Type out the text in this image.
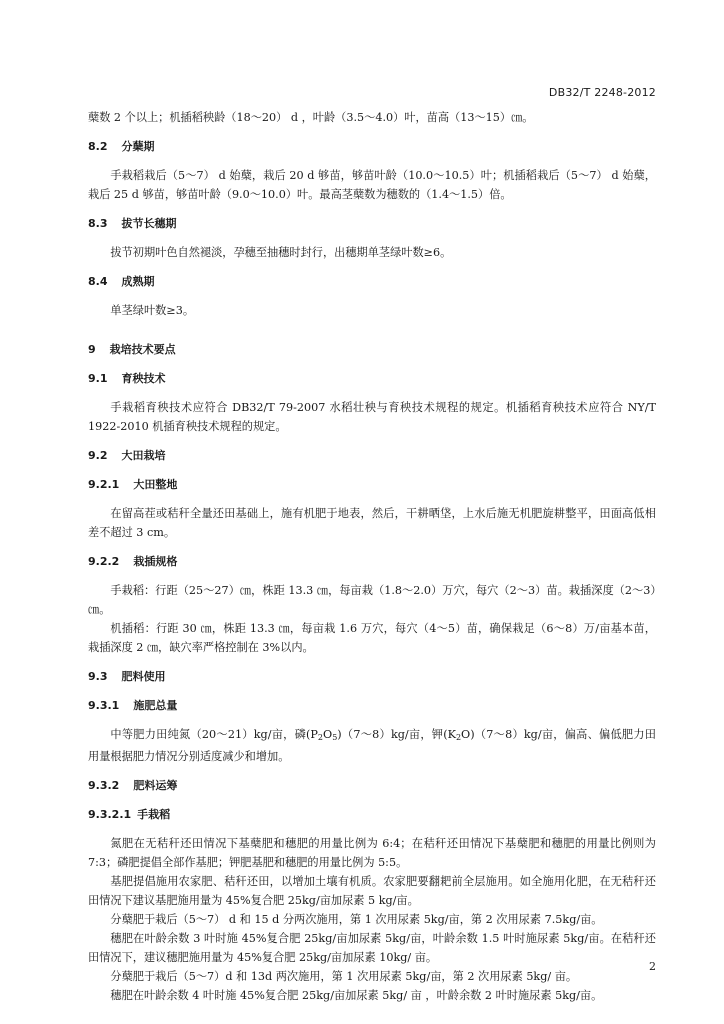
DB32/T 2248-2012

蘖数 2 个以上；机插稻秧龄（18～20） d ，叶龄（3.5～4.0）叶，苗高（13～15）㎝。

8.2 分蘖期

手栽稻栽后（5～7） d 始蘖，栽后 20 d 够苗，够苗叶龄（10.0～10.5）叶；机插稻栽后（5～7） d 始蘖，栽后 25 d 够苗，够苗叶龄（9.0～10.0）叶。最高茎蘖数为穗数的（1.4～1.5）倍。

8.3 拔节长穗期

拔节初期叶色自然褪淡，孕穗至抽穗时封行，出穗期单茎绿叶数≥6。

8.4 成熟期

单茎绿叶数≥3。

9 栽培技术要点
9.1 育秧技术

手栽稻育秧技术应符合 DB32/T 79-2007 水稻壮秧与育秧技术规程的规定。机插稻育秧技术应符合 NY/T 1922-2010 机插育秧技术规程的规定。

9.2 大田栽培
9.2.1 大田整地

在留高茬或秸秆全量还田基础上，施有机肥于地表，然后，干耕晒垡，上水后施无机肥旋耕整平，田面高低相差不超过 3 cm。

9.2.2 栽插规格

手栽稻：行距（25～27）㎝，株距 13.3 ㎝，每亩栽（1.8～2.0）万穴，每穴（2～3）苗。栽插深度（2～3）㎝。

机插稻：行距 30 ㎝，株距 13.3 ㎝，每亩栽 1.6 万穴，每穴（4～5）苗，确保栽足（6～8）万/亩基本苗，栽插深度 2 ㎝，缺穴率严格控制在 3%以内。

9.3 肥料使用
9.3.1 施肥总量

中等肥力田纯氮（20～21）kg/亩，磷$(P_2O_5)(7\sim 8)kg/$亩，钾$(K_2O)(7\sim 8)kg/$亩，偏高、偏低肥力田用量根据肥力情况分别适度减少和增加。

9.3.2 肥料运筹
9.3.2.1 手栽稻

氮肥在无秸秆还田情况下基蘖肥和穗肥的用量比例为 6:4；在秸秆还田情况下基蘖肥和穗肥的用量比例则为 7:3；磷肥提倡全部作基肥；钾肥基肥和穗肥的用量比例为 5:5。

基肥提倡施用农家肥、秸秆还田，以增加土壤有机质。农家肥要翻耙前全层施用。如全施用化肥，在无秸秆还田情况下建议基肥施用量为 45%复合肥 25kg/亩加尿素 5 kg/亩。

分蘖肥于栽后（5～7） d 和 15 d 分两次施用，第 1 次用尿素 5kg/亩，第 2 次用尿素 7.5kg/亩。

穗肥在叶龄余数 3 叶时施 45%复合肥 25kg/亩加尿素 5kg/亩，叶龄余数 1.5 叶时施尿素 5kg/亩。在秸秆还田情况下，建议穗肥施用量为 45%复合肥 25kg/亩加尿素 10kg/ 亩。

分蘖肥于栽后（5～7）d 和 13d 两次施用，第 1 次用尿素 5kg/亩，第 2 次用尿素 5kg/ 亩。

穗肥在叶龄余数 4 叶时施 45%复合肥 25kg/亩加尿素 5kg/ 亩 ，叶龄余数 2 叶时施尿素 5kg/亩。

2
